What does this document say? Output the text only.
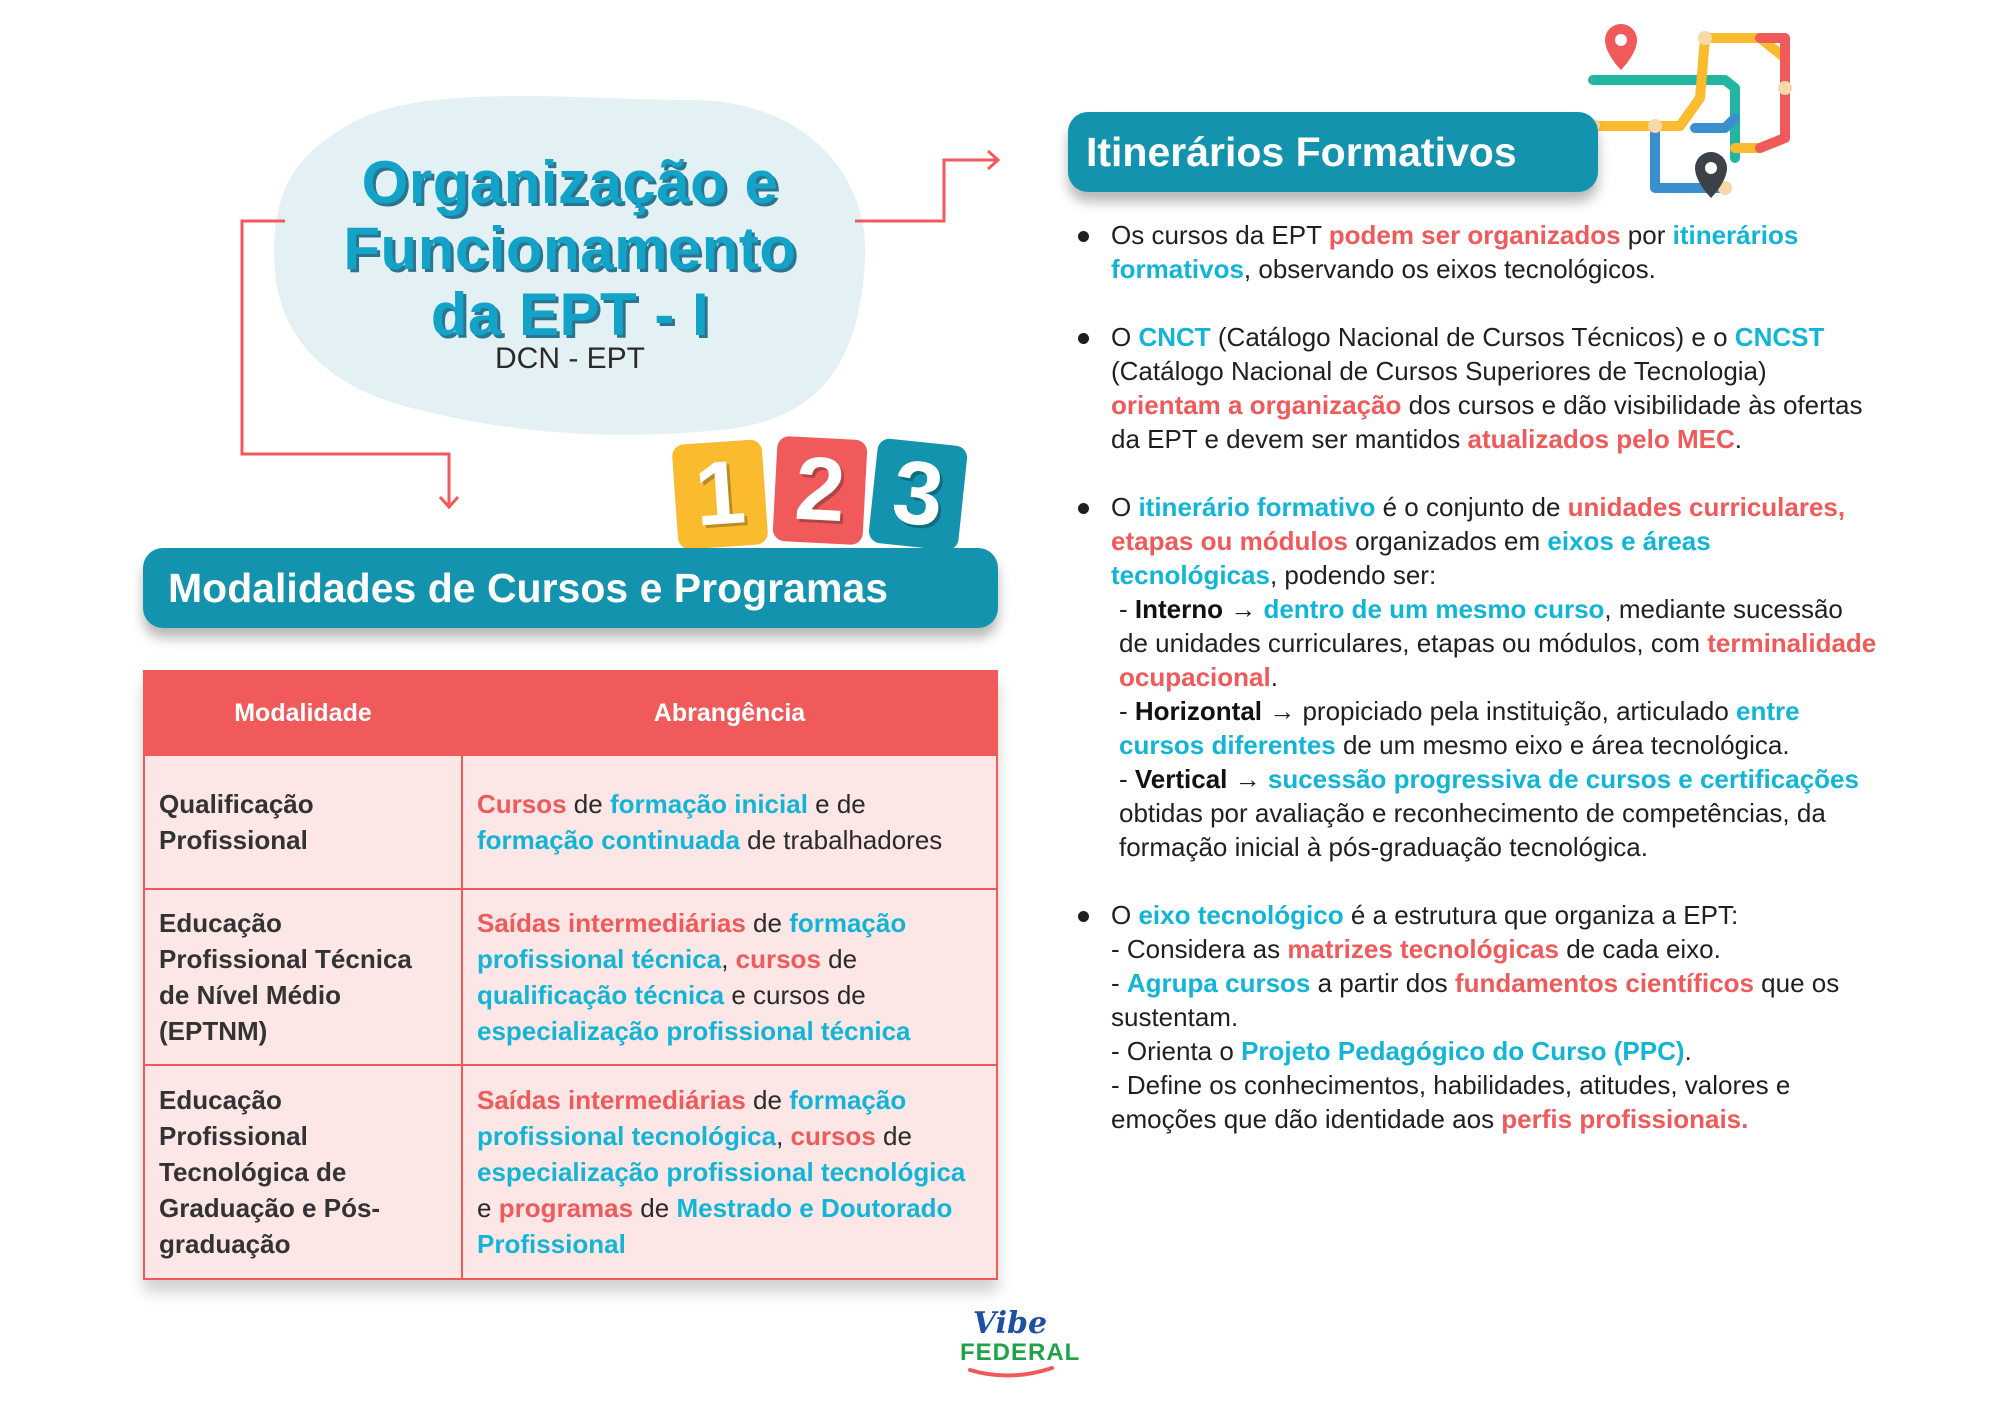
Organização e
Funcionamento
da EPT - I
DCN - EPT
Itinerários Formativos
1 2 3
Modalidades de Cursos e Programas
Modalidade	Abrangência

Qualificação
Profissional	Cursos de formação inicial e de formação continuada de trabalhadores

Educação
Profissional Técnica
de Nível Médio
(EPTNM)	Saídas intermediárias de formação profissional técnica, cursos de qualificação técnica e cursos de especialização profissional técnica

Educação
Profissional
Tecnológica de
Graduação e Pós-
graduação	Saídas intermediárias de formação profissional tecnológica, cursos de especialização profissional tecnológica e programas de Mestrado e Doutorado Profissional
Os cursos da EPT podem ser organizados por itinerários formativos, observando os eixos tecnológicos.
O CNCT (Catálogo Nacional de Cursos Técnicos) e o CNCST (Catálogo Nacional de Cursos Superiores de Tecnologia) orientam a organização dos cursos e dão visibilidade às ofertas da EPT e devem ser mantidos atualizados pelo MEC.
O itinerário formativo é o conjunto de unidades curriculares, etapas ou módulos organizados em eixos e áreas tecnológicas, podendo ser:
- Interno → dentro de um mesmo curso, mediante sucessão de unidades curriculares, etapas ou módulos, com terminalidade ocupacional.
- Horizontal → propiciado pela instituição, articulado entre cursos diferentes de um mesmo eixo e área tecnológica.
- Vertical → sucessão progressiva de cursos e certificações obtidas por avaliação e reconhecimento de competências, da formação inicial à pós-graduação tecnológica.
O eixo tecnológico é a estrutura que organiza a EPT:
- Considera as matrizes tecnológicas de cada eixo.
- Agrupa cursos a partir dos fundamentos científicos que os sustentam.
- Orienta o Projeto Pedagógico do Curso (PPC).
- Define os conhecimentos, habilidades, atitudes, valores e emoções que dão identidade aos perfis profissionais.
Vibe
FEDERAL
